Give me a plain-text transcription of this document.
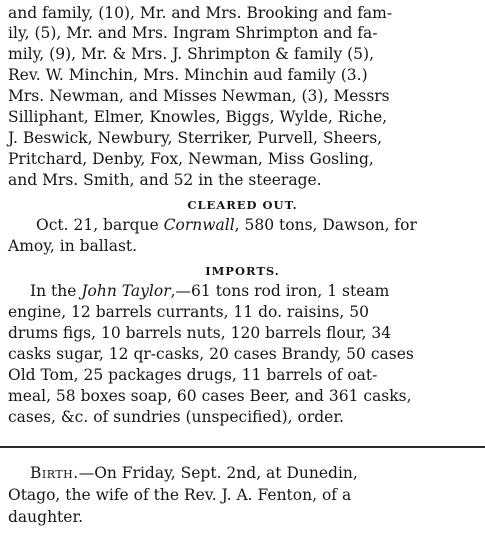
and family, (10), Mr. and Mrs. Brooking and fam-
ily, (5), Mr. and Mrs. Ingram Shrimpton and fa-
mily, (9), Mr. & Mrs. J. Shrimpton & family (5),
Rev. W. Minchin, Mrs. Minchin aud family (3.)
Mrs. Newman, and Misses Newman, (3), Messrs
Silliphant, Elmer, Knowles, Biggs, Wylde, Riche,
J. Beswick, Newbury, Sterriker, Purvell, Sheers,
Pritchard, Denby, Fox, Newman, Miss Gosling,
and Mrs. Smith, and 52 in the steerage.
CLEARED OUT.
Oct. 21, barque Cornwall, 580 tons, Dawson, for
Amoy, in ballast.
IMPORTS.
In the John Taylor,—61 tons rod iron, 1 steam
engine, 12 barrels currants, 11 do. raisins, 50
drums figs, 10 barrels nuts, 120 barrels flour, 34
casks sugar, 12 qr-casks, 20 cases Brandy, 50 cases
Old Tom, 25 packages drugs, 11 barrels of oat-
meal, 58 boxes soap, 60 cases Beer, and 361 casks,
cases, &c. of sundries (unspecified), order.
Birth.—On Friday, Sept. 2nd, at Dunedin,
Otago, the wife of the Rev. J. A. Fenton, of a
daughter.
